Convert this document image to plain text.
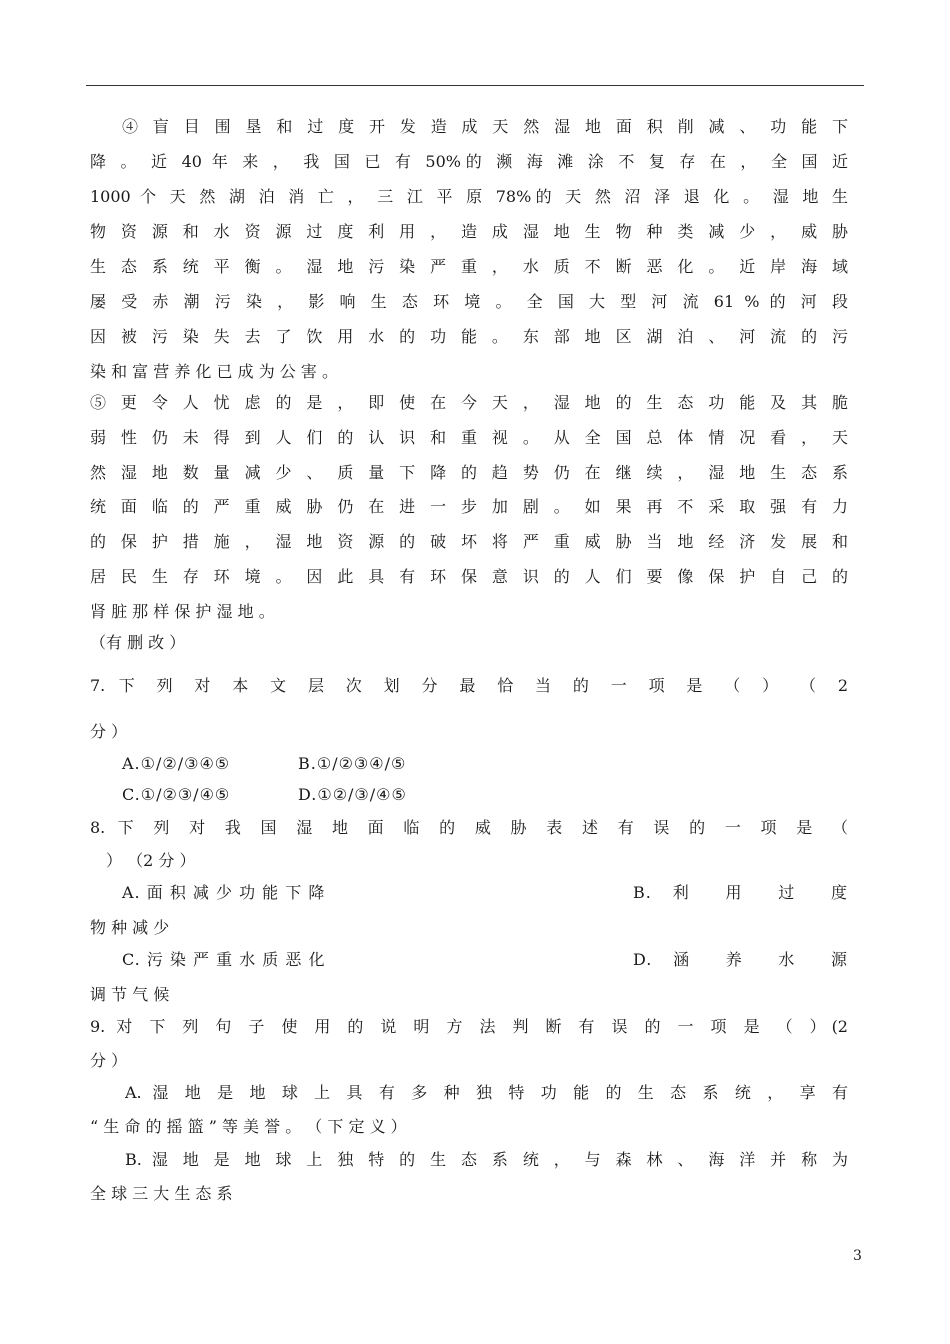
④ 盲 目 围 垦 和 过 度 开 发 造 成 天 然 湿 地 面 积 削 减 、 功 能 下
降 。 近 40 年 来 ， 我 国 已 有 50%的 濒 海 滩 涂 不 复 存 在 ， 全 国 近
1000 个 天 然 湖 泊 消 亡 ， 三 江 平 原 78%的 天 然 沼 泽 退 化 。 湿 地 生
物 资 源 和 水 资 源 过 度 利 用 ， 造 成 湿 地 生 物 种 类 减 少 ， 威 胁
生 态 系 统 平 衡 。 湿 地 污 染 严 重 ， 水 质 不 断 恶 化 。 近 岸 海 域
屡 受 赤 潮 污 染 ， 影 响 生 态 环 境 。 全 国 大 型 河 流 61 % 的 河 段
因 被 污 染 失 去 了 饮 用 水 的 功 能 。 东 部 地 区 湖 泊 、 河 流 的 污
染 和 富 营 养 化 已 成 为 公 害 。
⑤ 更 令 人 忧 虑 的 是 ， 即 使 在 今 天 ， 湿 地 的 生 态 功 能 及 其 脆
弱 性 仍 未 得 到 人 们 的 认 识 和 重 视 。 从 全 国 总 体 情 况 看 ， 天
然 湿 地 数 量 减 少 、 质 量 下 降 的 趋 势 仍 在 继 续 ， 湿 地 生 态 系
统 面 临 的 严 重 威 胁 仍 在 进 一 步 加 剧 。 如 果 再 不 采 取 强 有 力
的 保 护 措 施 ， 湿 地 资 源 的 破 坏 将 严 重 威 胁 当 地 经 济 发 展 和
居 民 生 存 环 境 。 因 此 具 有 环 保 意 识 的 人 们 要 像 保 护 自 己 的
肾 脏 那 样 保 护 湿 地 。
（有 删 改 ）
7. 下 列 对 本 文 层 次 划 分 最 恰 当 的 一 项 是 （ ） （ 2
分 ）
A.①/②/③④⑤	B.①/②③④/⑤
C.①/②③/④⑤	D.①②/③/④⑤
8. 下 列 对 我 国 湿 地 面 临 的 威 胁 表 述 有 误 的 一 项 是 （
） （2 分 ）
A. 面 积 减 少 功 能 下 降	B. 利 用 过 度
物 种 减 少
C. 污 染 严 重 水 质 恶 化	D. 涵 养 水 源
调 节 气 候
9. 对 下 列 句 子 使 用 的 说 明 方 法 判 断 有 误 的 一 项 是 （ ）(2
分 ）
A. 湿 地 是 地 球 上 具 有 多 种 独 特 功 能 的 生 态 系 统 ， 享 有
“ 生 命 的 摇 篮 ” 等 美 誉 。 （ 下 定 义 ）
B. 湿 地 是 地 球 上 独 特 的 生 态 系 统 ， 与 森 林 、 海 洋 并 称 为
全 球 三 大 生 态 系
3
